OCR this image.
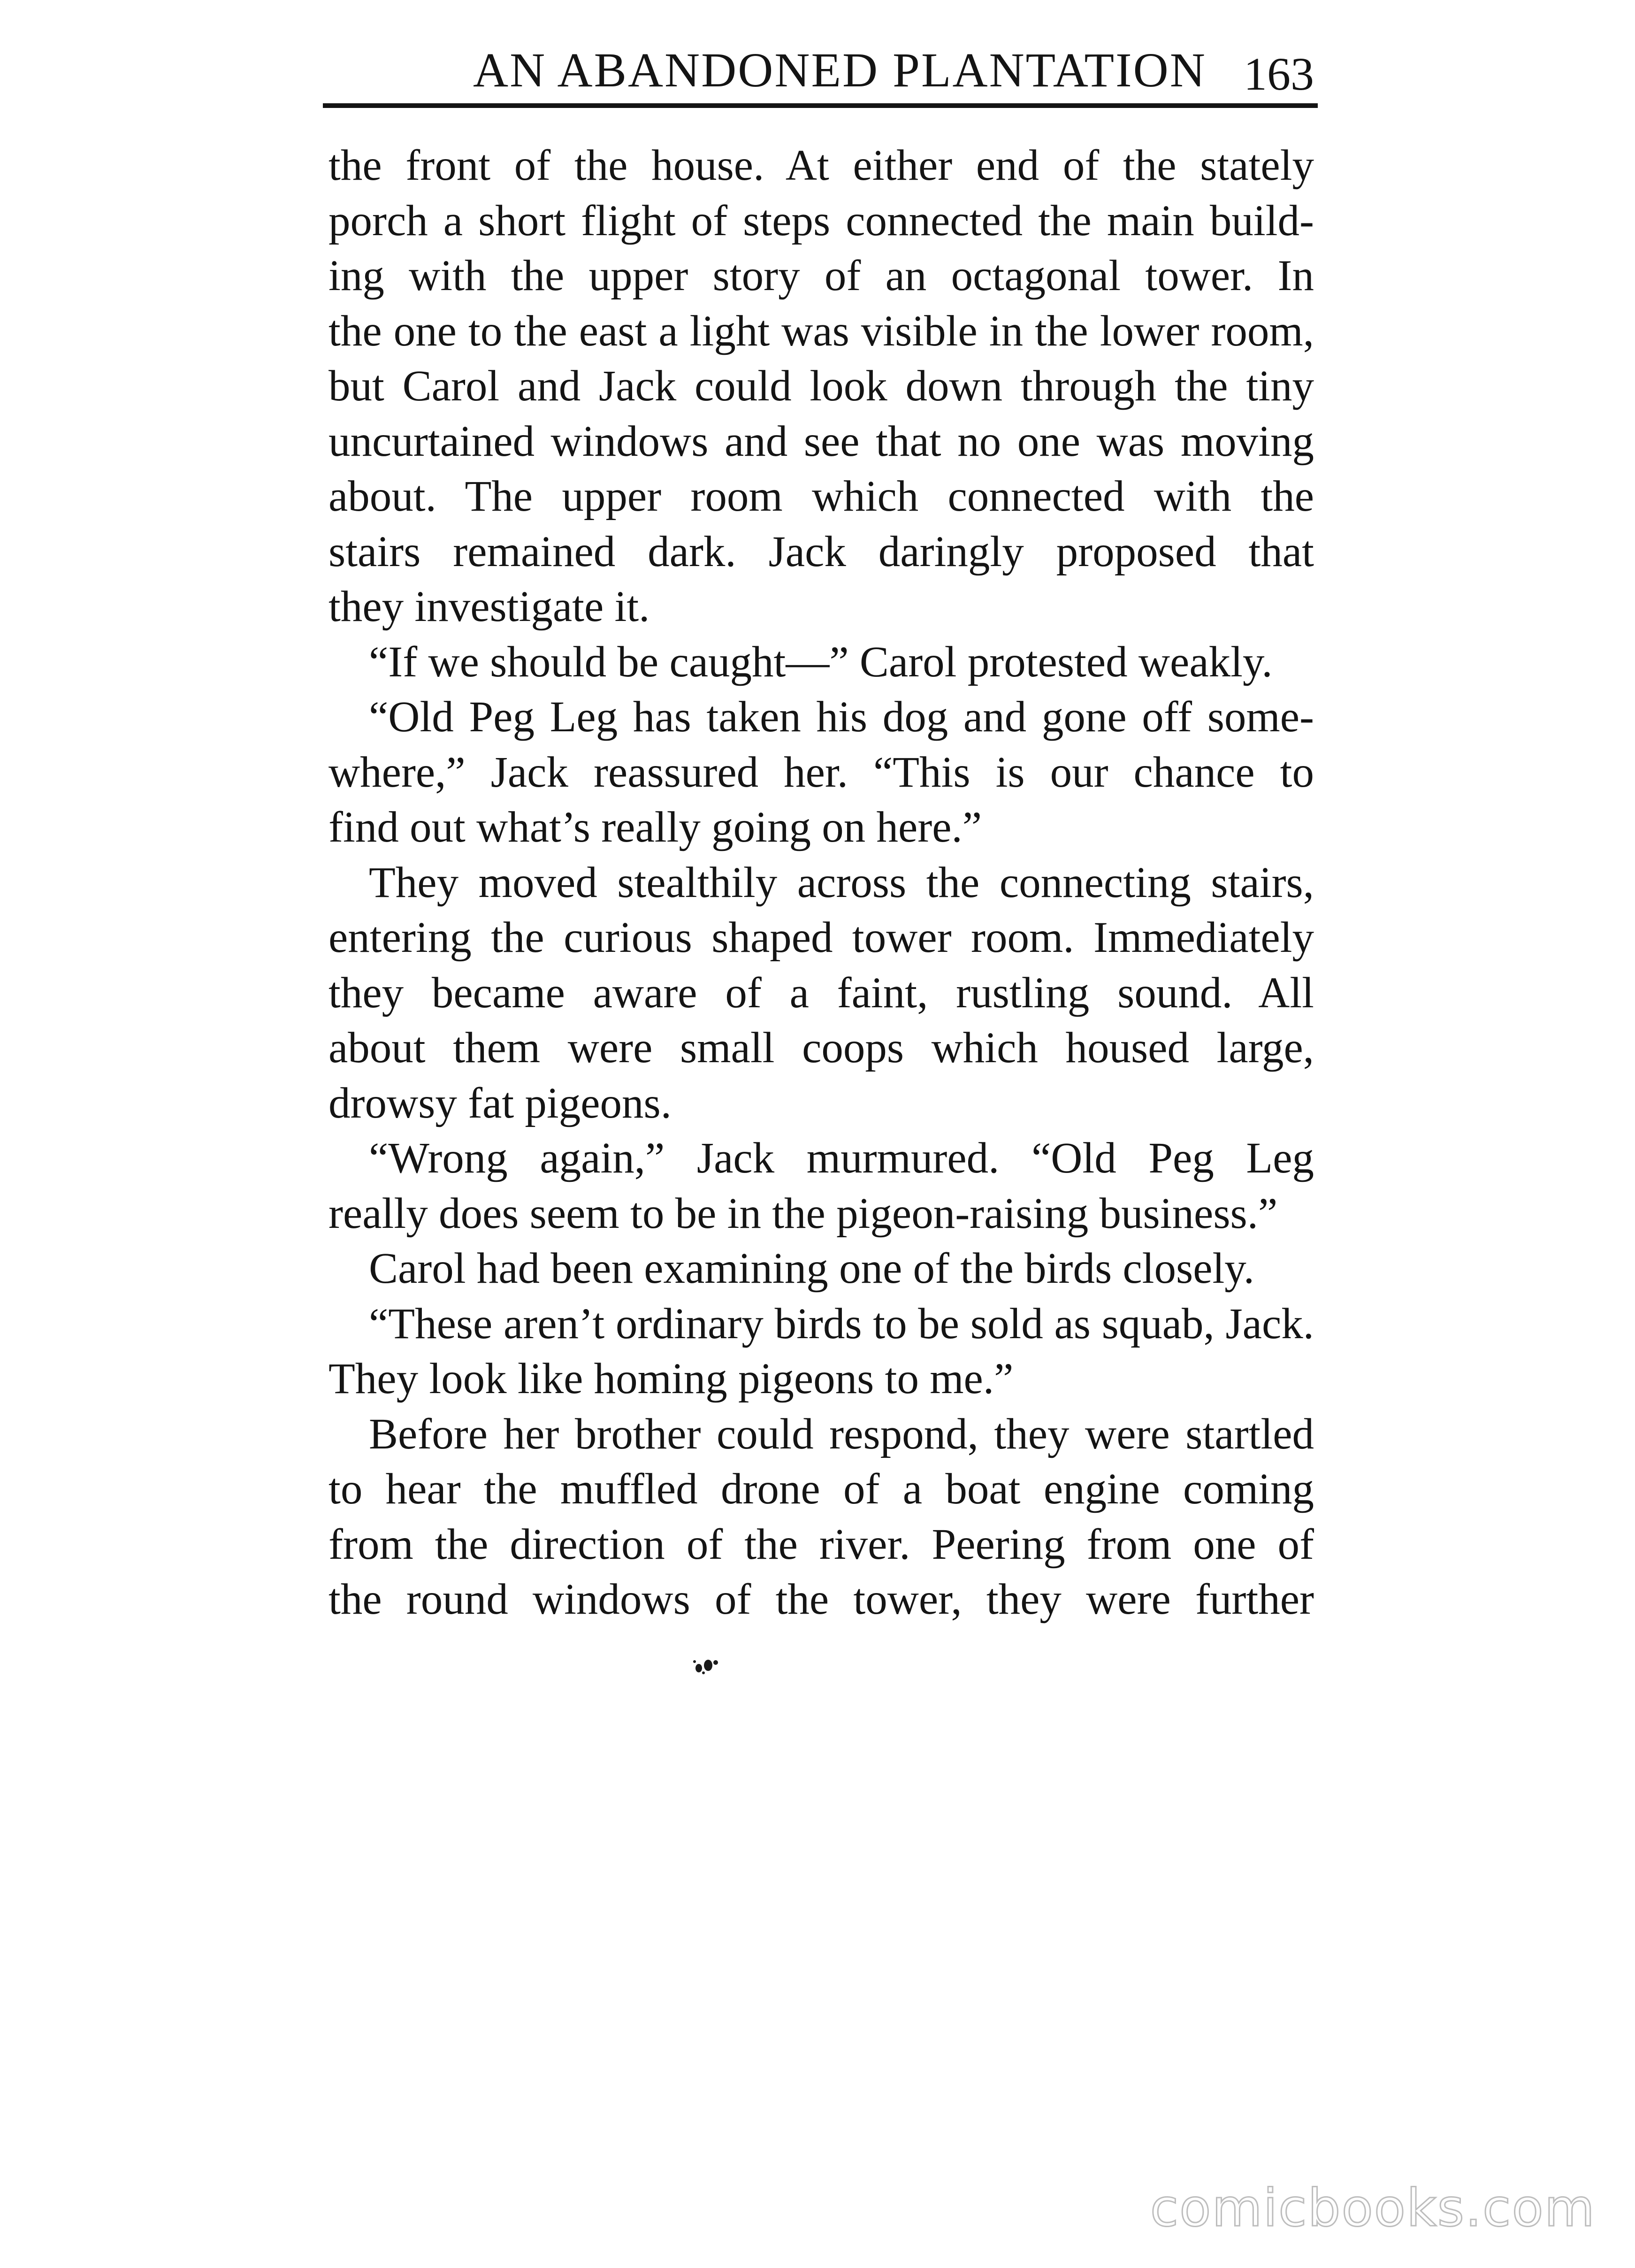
AN ABANDONED PLANTATION 163

the front of the house. At either end of the stately

porch a short flight of steps connected the main build-

ing with the upper story of an octagonal tower. In

the one to the east a light was visible in the lower room,

but Carol and Jack could look down through the tiny

uncurtained windows and see that no one was moving

about. The upper room which connected with the

stairs remained dark. Jack daringly proposed that

they investigate it.

“If we should be caught—” Carol protested weakly.

“Old Peg Leg has taken his dog and gone off some-

where,” Jack reassured her. “This is our chance to

find out what’s really going on here.”

They moved stealthily across the connecting stairs,

entering the curious shaped tower room. Immediately

they became aware of a faint, rustling sound. All

about them were small coops which housed large,

drowsy fat pigeons.

“Wrong again,” Jack murmured. “Old Peg Leg

really does seem to be in the pigeon-raising business.”

Carol had been examining one of the birds closely.

“These aren’t ordinary birds to be sold as squab, Jack.

They look like homing pigeons to me.”

Before her brother could respond, they were startled

to hear the muffled drone of a boat engine coming

from the direction of the river. Peering from one of

the round windows of the tower, they were further

comicbooks.com
